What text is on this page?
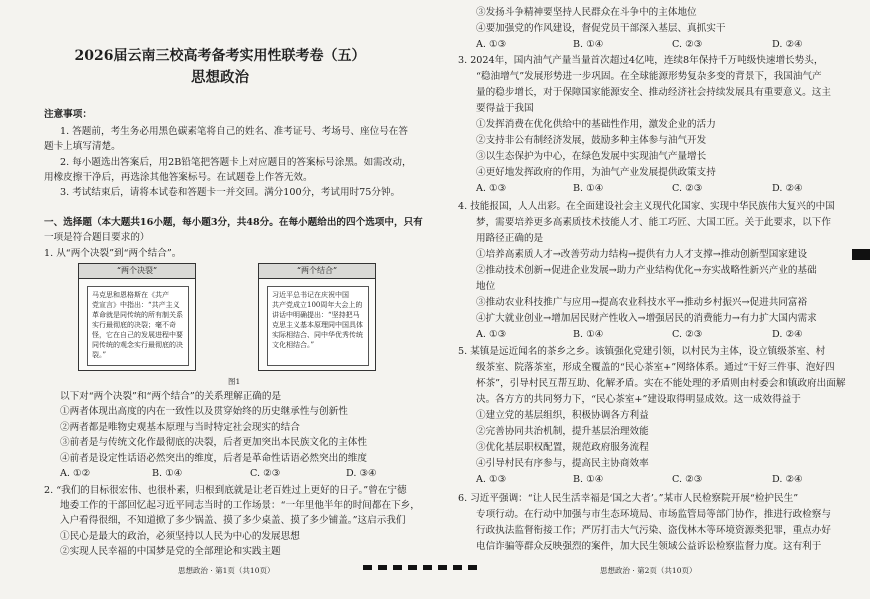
2026届云南三校高考备考实用性联考卷（五）
思想政治
注意事项：
1. 答题前，考生务必用黑色碳素笔将自己的姓名、准考证号、考场号、座位号在答
题卡上填写清楚。
2. 每小题选出答案后，用2B铅笔把答题卡上对应题目的答案标号涂黑。如需改动，
用橡皮擦干净后，再选涂其他答案标号。在试题卷上作答无效。
3. 考试结束后，请将本试卷和答题卡一并交回。满分100分，考试用时75分钟。
一、选择题（本大题共16小题，每小题3分，共48分。在每小题给出的四个选项中，只有
一项是符合题目要求的）
1. 从“两个决裂”到“两个结合”。
“两个决裂”
马克思和恩格斯在《共产
党宣言》中指出：“共产主义
革命就是同传统的所有制关系
实行最彻底的决裂；毫不奇
怪，它在自己的发展进程中要
同传统的观念实行最彻底的决
裂。”
“两个结合”
习近平总书记在庆祝中国
共产党成立100周年大会上的
讲话中明确提出：“坚持把马
克思主义基本原理同中国具体
实际相结合、同中华优秀传统
文化相结合。”
图1
以下对“两个决裂”和“两个结合”的关系理解正确的是
①两者体现出高度的内在一致性以及贯穿始终的历史继承性与创新性
②两者都是唯物史观基本原理与当时特定社会现实的结合
③前者是与传统文化作最彻底的决裂，后者更加突出本民族文化的主体性
④前者是设定性话语必然突出的维度，后者是革命性话语必然突出的维度
A. ①②	B. ①④	C. ②③	D. ③④
2. “我们的目标很宏伟、也很朴素，归根到底就是让老百姓过上更好的日子。”曾在宁德
地委工作的干部回忆起习近平同志当时的工作场景：“一年里他半年的时间都在下乡，
入户看得很细，不知道掀了多少锅盖、摸了多少桌盖、摸了多少铺盖。”这启示我们
①民心是最大的政治，必须坚持以人民为中心的发展思想
②实现人民幸福的中国梦是党的全部理论和实践主题
思想政治 · 第1页（共10页）
③发扬斗争精神要坚持人民群众在斗争中的主体地位
④要加强党的作风建设，督促党员干部深入基层、真抓实干
A. ①③	B. ①④	C. ②③	D. ②④
3. 2024年，国内油气产量当量首次超过4亿吨，连续8年保持千万吨级快速增长势头，
“稳油增气”发展形势进一步巩固。在全球能源形势复杂多变的背景下，我国油气产
量的稳步增长，对于保障国家能源安全、推动经济社会持续发展具有重要意义。这主
要得益于我国
①发挥消费在优化供给中的基础性作用，激发企业的活力
②支持非公有制经济发展，鼓励多种主体参与油气开发
③以生态保护为中心，在绿色发展中实现油气产量增长
④更好地发挥政府的作用，为油气产业发展提供政策支持
A. ①③	B. ①④	C. ②③	D. ②④
4. 技能报国，人人出彩。在全面建设社会主义现代化国家、实现中华民族伟大复兴的中国
梦，需要培养更多高素质技术技能人才、能工巧匠、大国工匠。关于此要求，以下作
用路径正确的是
①培养高素质人才→改善劳动力结构→提供有力人才支撑→推动创新型国家建设
②推动技术创新→促进企业发展→助力产业结构优化→夯实战略性新兴产业的基础
地位
③推动农业科技推广与应用→提高农业科技水平→推动乡村振兴→促进共同富裕
④扩大就业创业→增加居民财产性收入→增强居民的消费能力→有力扩大国内需求
A. ①③	B. ①④	C. ②③	D. ②④
5. 某镇是远近闻名的茶乡之乡。该镇强化党建引领，以村民为主体，设立镇级茶室、村
级茶室、院落茶室，形成全覆盖的“民心茶室+”网络体系。通过“干好三件事、泡好四
杯茶”，引导村民互帮互助、化解矛盾。实在不能处理的矛盾则由村委会和镇政府出面解
决。各方方的共同努力下，“民心茶室+”建设取得明显成效。这一成效得益于
①建立党的基层组织，积极协调各方利益
②完善协同共治机制，提升基层治理效能
③优化基层职权配置，规范政府服务流程
④引导村民有序参与，提高民主协商效率
A. ①③	B. ①④	C. ②③	D. ②④
6. 习近平强调：“让人民生活幸福是‘国之大者’。”某市人民检察院开展“检护民生”
专项行动。在行动中加强与市生态环境局、市场监管局等部门协作，推进行政检察与
行政执法监督衔接工作；严厉打击大气污染、盗伐林木等环境资源类犯罪，重点办好
电信诈骗等群众反映强烈的案件，加大民生领域公益诉讼检察监督力度。这有利于
思想政治 · 第2页（共10页）
